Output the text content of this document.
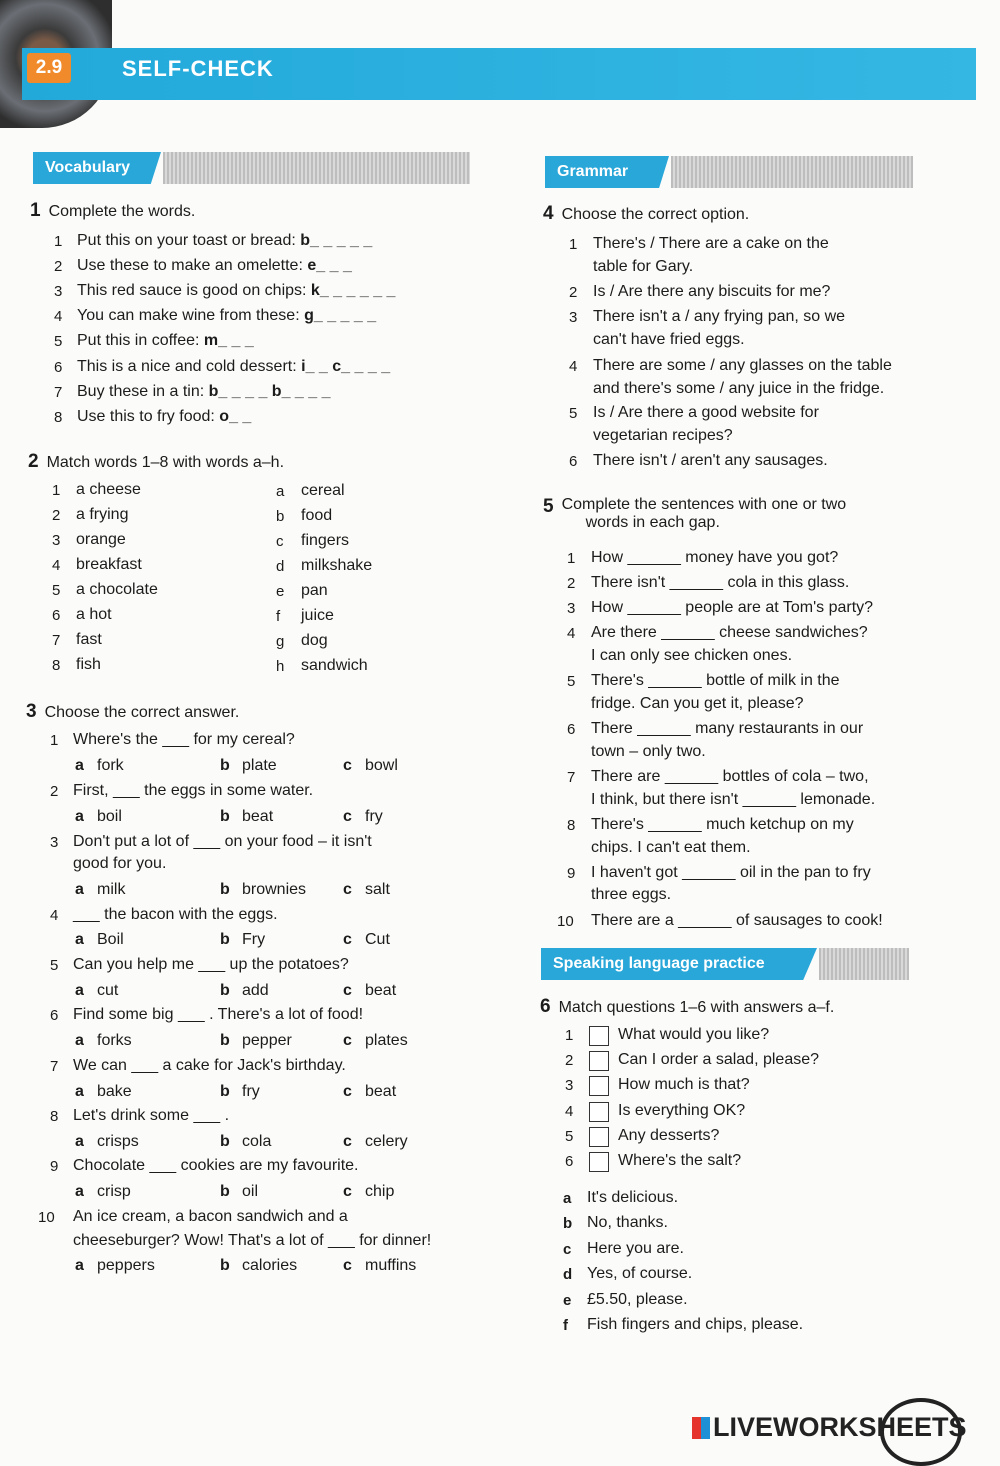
2.9	SELF-CHECK
Vocabulary	Grammar
Speaking language practice
1 Complete the words.
1 Put this on your toast or bread: b_ _ _ _ _
2 Use these to make an omelette: e_ _ _
3 This red sauce is good on chips: k_ _ _ _ _ _
4 You can make wine from these: g_ _ _ _ _
5 Put this in coffee: m_ _ _
6 This is a nice and cold dessert: i_ _ c_ _ _ _
7 Buy these in a tin: b_ _ _ _ b_ _ _ _
8 Use this to fry food: o_ _
2 Match words 1–8 with words a–h.
1 a cheese	a cereal
2 a frying	b food
3 orange	c fingers
4 breakfast	d milkshake
5 a chocolate	e pan
6 a hot	f juice
7 fast	g dog
8 fish	h sandwich
3 Choose the correct answer.
1 Where's the ___ for my cereal?
a fork	b plate	c bowl
2 First, ___ the eggs in some water.
a boil	b beat	c fry
3 Don't put a lot of ___ on your food – it isn't
good for you.
a milk	b brownies c salt
4 ___ the bacon with the eggs.
a Boil	b Fry	c Cut
5 Can you help me ___ up the potatoes?
a cut	b add	c beat
6 Find some big ___ . There's a lot of food!
a forks	b pepper	c plates
7 We can ___ a cake for Jack's birthday.
a bake	b fry	c beat
8 Let's drink some ___ .
a crisps	b cola	c celery
9 Chocolate ___ cookies are my favourite.
a crisp	b oil	c chip
10 An ice cream, a bacon sandwich and a
cheeseburger? Wow! That's a lot of ___ for dinner!
a peppers	b calories	c muffins
4 Choose the correct option.
1 There's / There are a cake on the
table for Gary.
2 Is / Are there any biscuits for me?
3 There isn't a / any frying pan, so we
can't have fried eggs.
4 There are some / any glasses on the table
and there's some / any juice in the fridge.
5 Is / Are there a good website for
vegetarian recipes?
6 There isn't / aren't any sausages.
5 Complete the sentences with one or two
words in each gap.
1 How ______ money have you got?
2 There isn't ______ cola in this glass.
3 How ______ people are at Tom's party?
4 Are there ______ cheese sandwiches?
I can only see chicken ones.
5 There's ______ bottle of milk in the
fridge. Can you get it, please?
6 There ______ many restaurants in our
town – only two.
7 There are ______ bottles of cola – two,
I think, but there isn't ______ lemonade.
8 There's ______ much ketchup on my
chips. I can't eat them.
9 I haven't got ______ oil in the pan to fry
three eggs.
10 There are a ______ of sausages to cook!
6 Match questions 1–6 with answers a–f.
1	What would you like?
2	Can I order a salad, please?
3	How much is that?
4	Is everything OK?
5	Any desserts?
6	Where's the salt?
a It's delicious.
b No, thanks.
c Here you are.
d Yes, of course.
e £5.50, please.
f Fish fingers and chips, please.
LIVEWORKSHEETS
